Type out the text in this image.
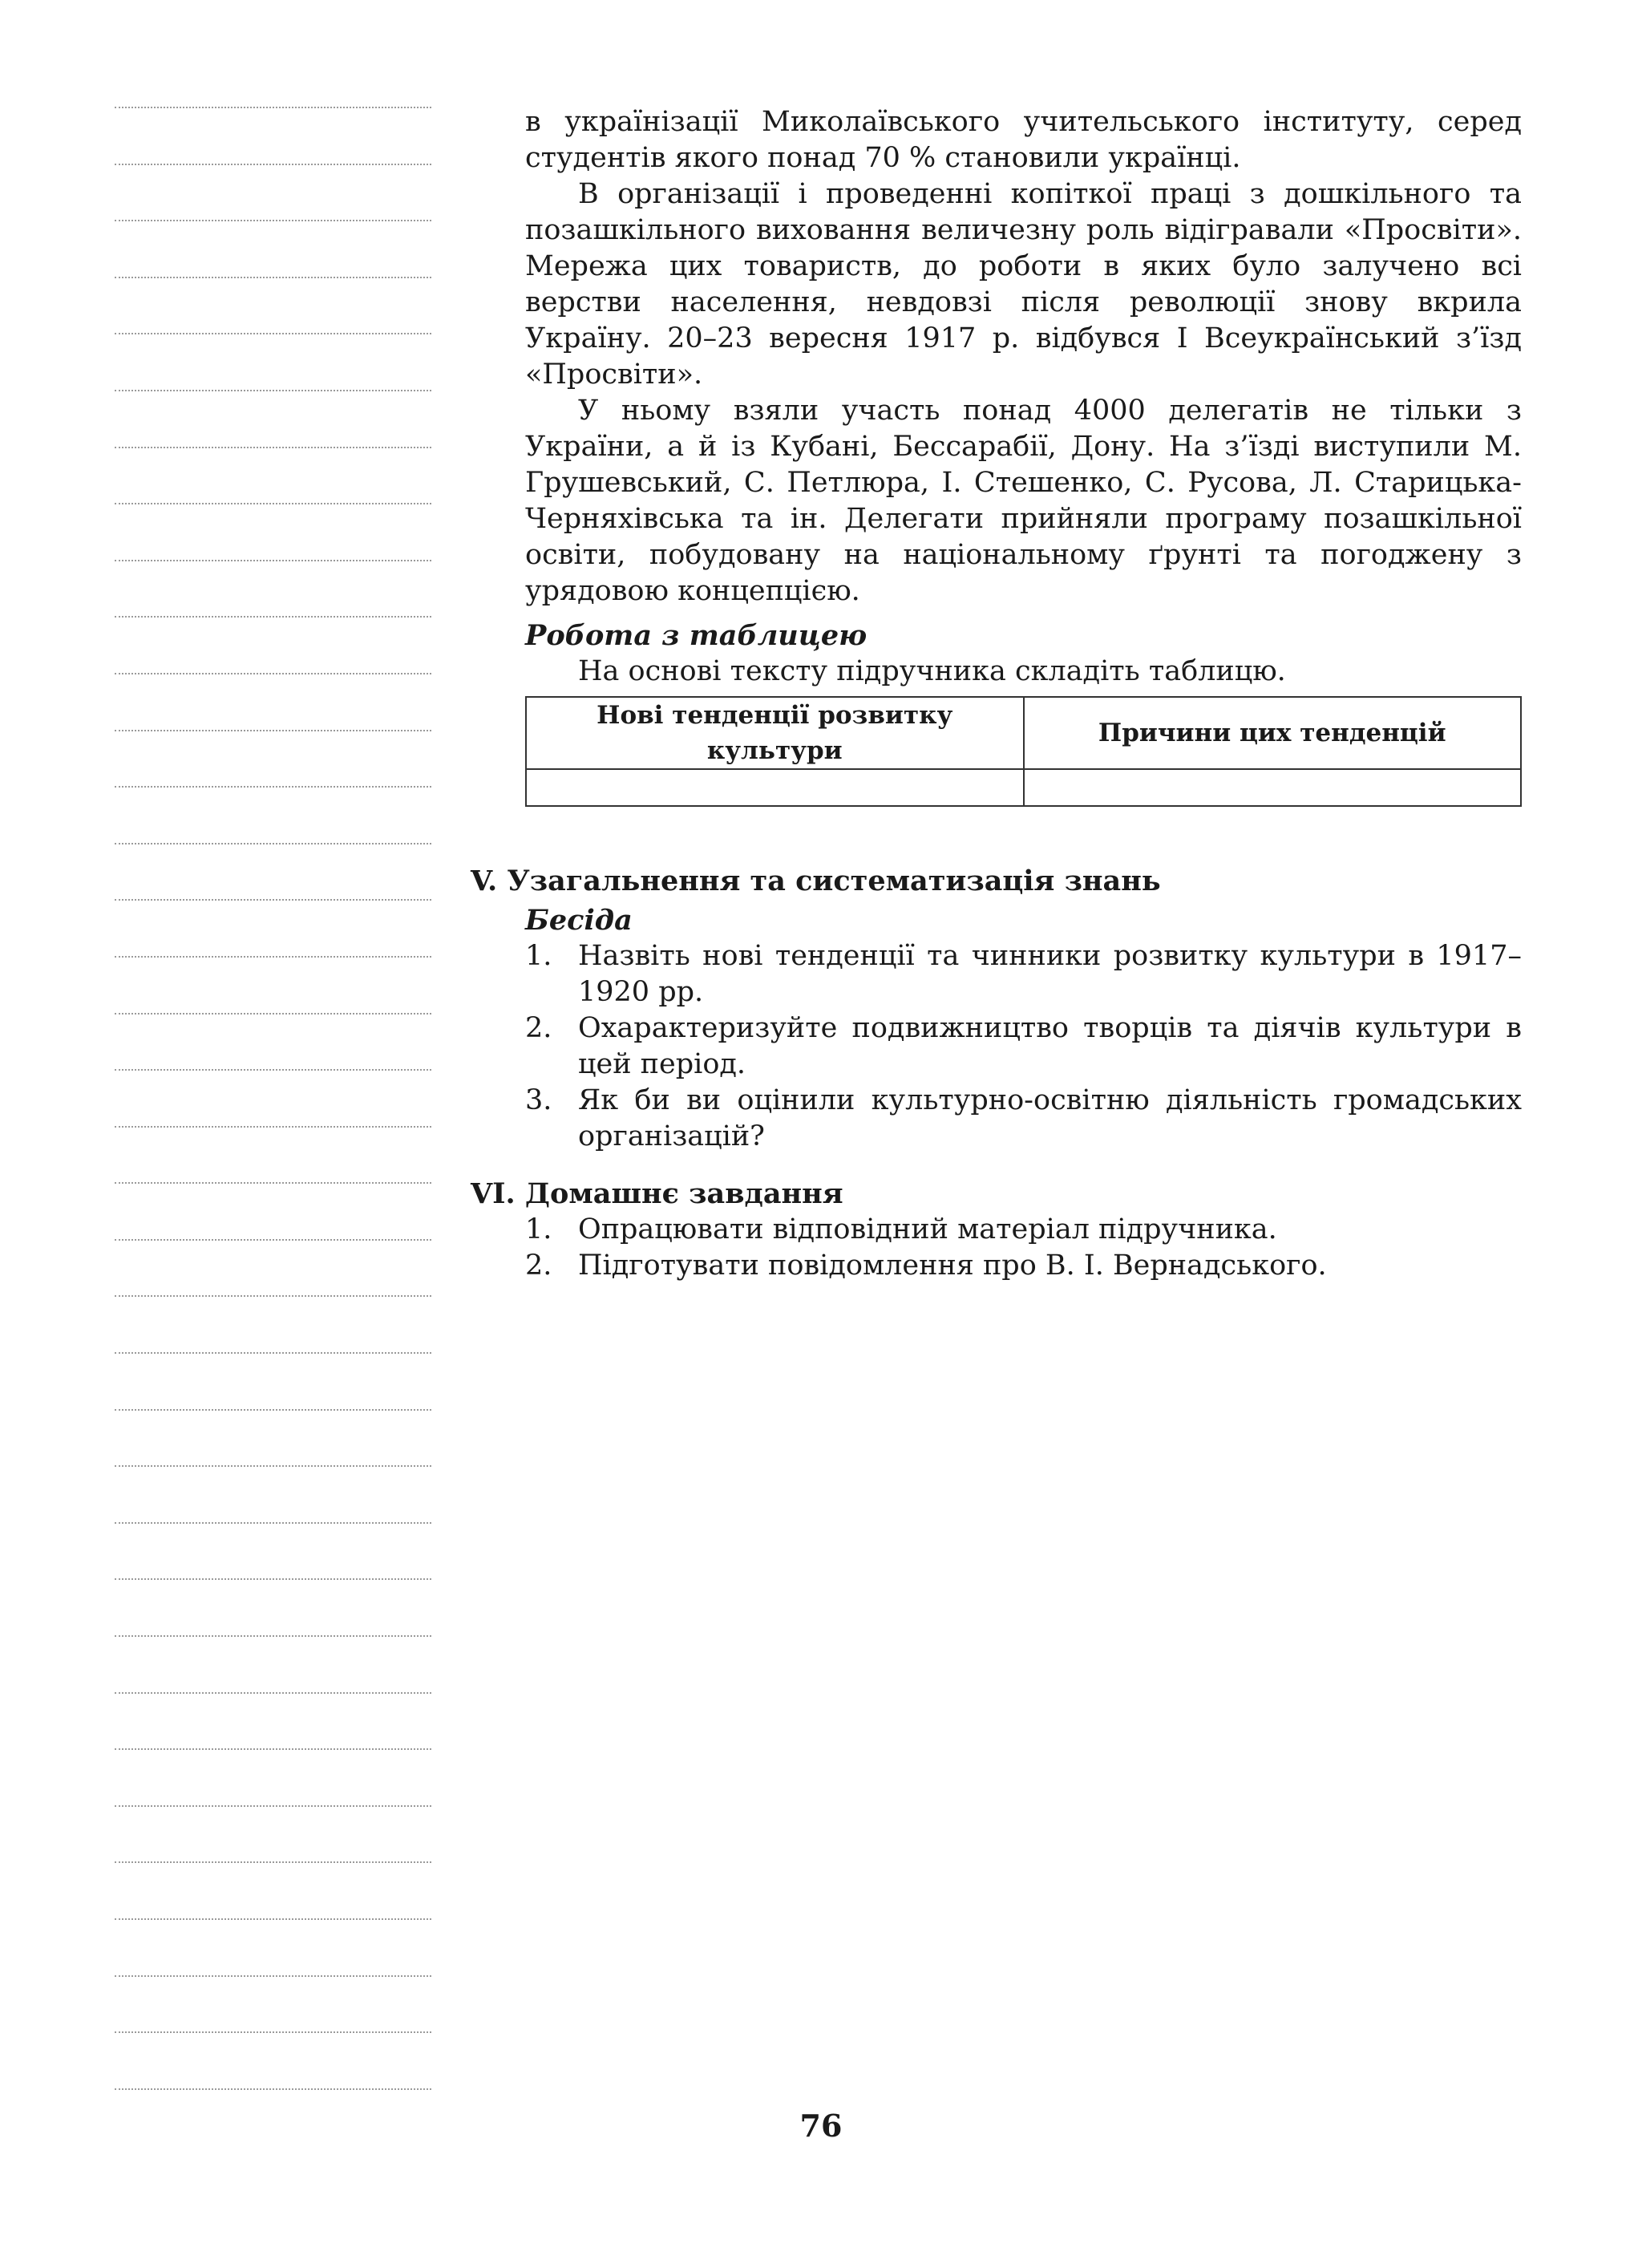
в українізації Миколаївського учительського інституту, серед студентів якого понад 70 % становили українці.

В організації і проведенні копіткої праці з дошкільного та позашкільного виховання величезну роль відігравали «Просвіти». Мережа цих товариств, до роботи в яких було залучено всі верстви населення, невдовзі після революції знову вкрила Україну. 20–23 вересня 1917 р. відбувся І Всеукраїнський з’їзд «Просвіти».

У ньому взяли участь понад 4000 делегатів не тільки з України, а й із Кубані, Бессарабії, Дону. На з’їзді виступили М. Грушевський, С. Петлюра, І. Стешенко, С. Русова, Л. Старицька-Черняхівська та ін. Делегати прийняли програму позашкільної освіти, побудовану на національному ґрунті та погоджену з урядовою концепцією.

Робота з таблицею

На основі тексту підручника складіть таблицю.

Нові тенденції розвитку культури	Причини цих тенденцій

V. Узагальнення та систематизація знань

Бесіда

1. Назвіть нові тенденції та чинники розвитку культури в 1917–1920 рр.
2. Охарактеризуйте подвижництво творців та діячів культури в цей період.
3. Як би ви оцінили культурно-освітню діяльність громадських організацій?

VI. Домашнє завдання

1. Опрацювати відповідний матеріал підручника.
2. Підготувати повідомлення про В. І. Вернадського.
76
